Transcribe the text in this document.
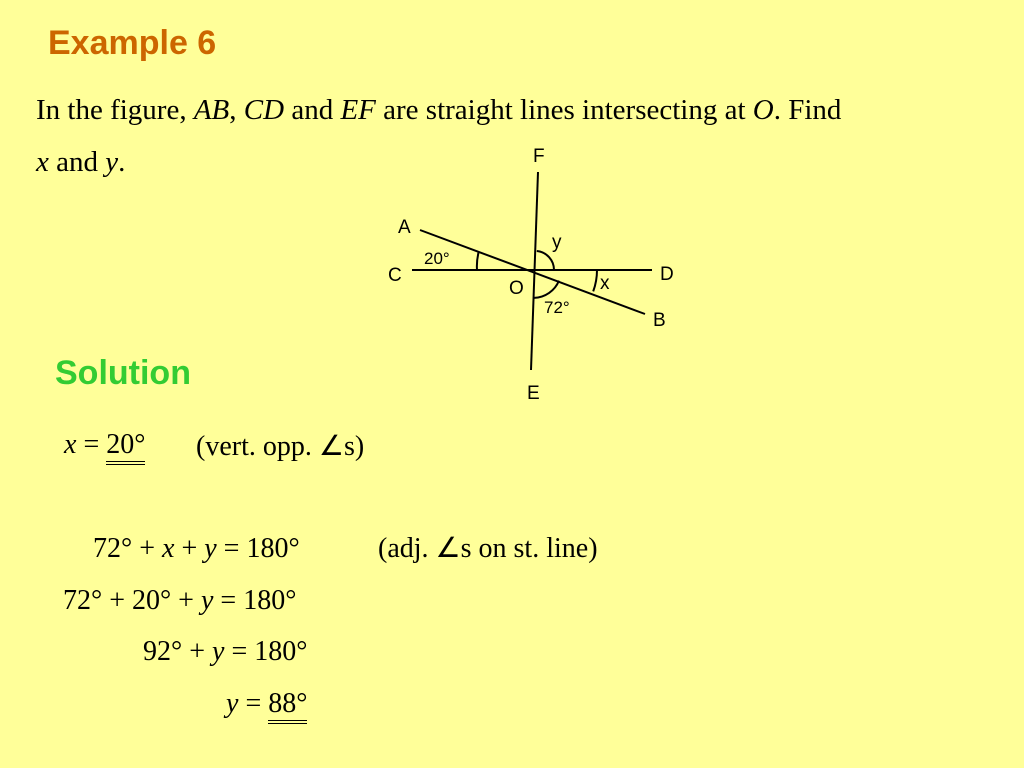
Example 6
In the figure, AB, CD and EF are straight lines intersecting at O. Find
x and y.	F
A
C	D
B
E
O
y
x
20°
72°
Solution
x = 20° (vert. opp. ∠s)
72° + x + y = 180°	(adj. ∠s on st. line)
72° + 20° + y = 180°
92° + y = 180°
y = 88°
